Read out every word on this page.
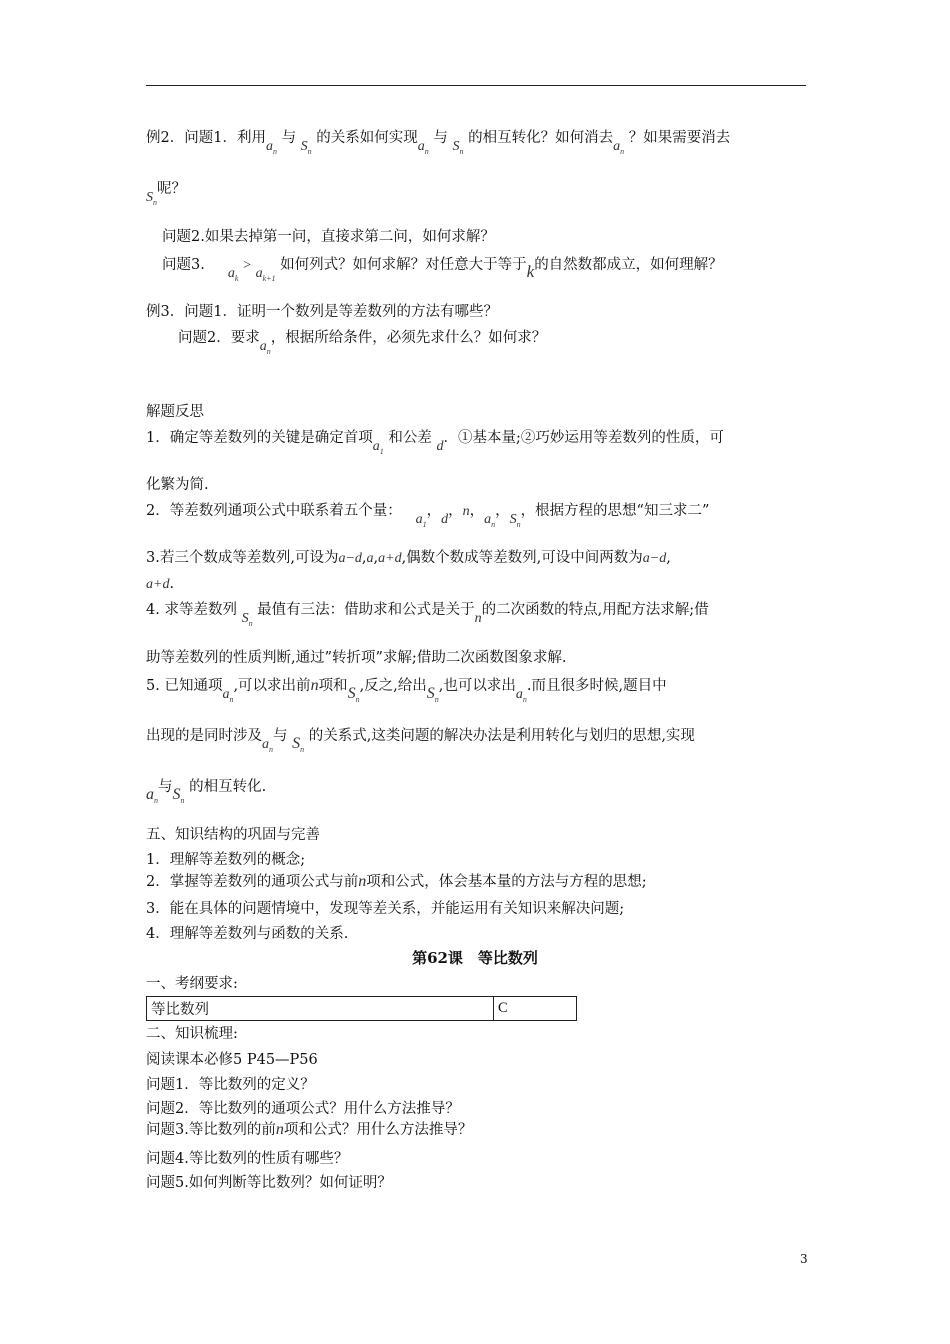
例2．问题1．利用$a_n$ 与 $S_n$ 的关系如何实现$a_n$ 与 $S_n$ 的相互转化？如何消去$a_n$ ？如果需要消去
$S_n$呢？
问题2.如果去掉第一问，直接求第二问，如何求解？
问题3.     $a_k > a_{k+1}$ 如何列式？如何求解？对任意大于等于k的自然数都成立，如何理解？
例3．问题1．证明一个数列是等差数列的方法有哪些？
问题2．要求$a_n$，根据所给条件，必须先求什么？如何求？
解题反思
1．确定等差数列的关键是确定首项$a_1$ 和公差 d．①基本量;②巧妙运用等差数列的性质，可
化繁为简.
2．等差数列通项公式中联系着五个量：   $a_1$，d，n，$a_n$，$S_n$，根据方程的思想“知三求二”
3.若三个数成等差数列,可设为a−d,a,a+d,偶数个数成等差数列,可设中间两数为a−d,
a+d.
4. 求等差数列 $S_n$ 最值有三法：借助求和公式是关于n的二次函数的特点,用配方法求解;借
助等差数列的性质判断,通过”转折项”求解;借助二次函数图象求解.
5. 已知通项$a_n$,可以求出前n项和$S_n$,反之,给出$S_n$,也可以求出$a_n$.而且很多时候,题目中
出现的是同时涉及$a_n$与 $S_n$ 的关系式,这类问题的解决办法是利用转化与划归的思想,实现
$a_n$与$S_n$ 的相互转化.
五、知识结构的巩固与完善
1．理解等差数列的概念;
2．掌握等差数列的通项公式与前n项和公式，体会基本量的方法与方程的思想;
3．能在具体的问题情境中，发现等差关系，并能运用有关知识来解决问题;
4．理解等差数列与函数的关系.
第62课　等比数列
一、考纲要求:
等比数列	C
二、知识梳理:
阅读课本必修5 P45—P56
问题1．等比数列的定义？
问题2．等比数列的通项公式？用什么方法推导？
问题3.等比数列的前n项和公式？用什么方法推导？
问题4.等比数列的性质有哪些？
问题5.如何判断等比数列？如何证明？
3
